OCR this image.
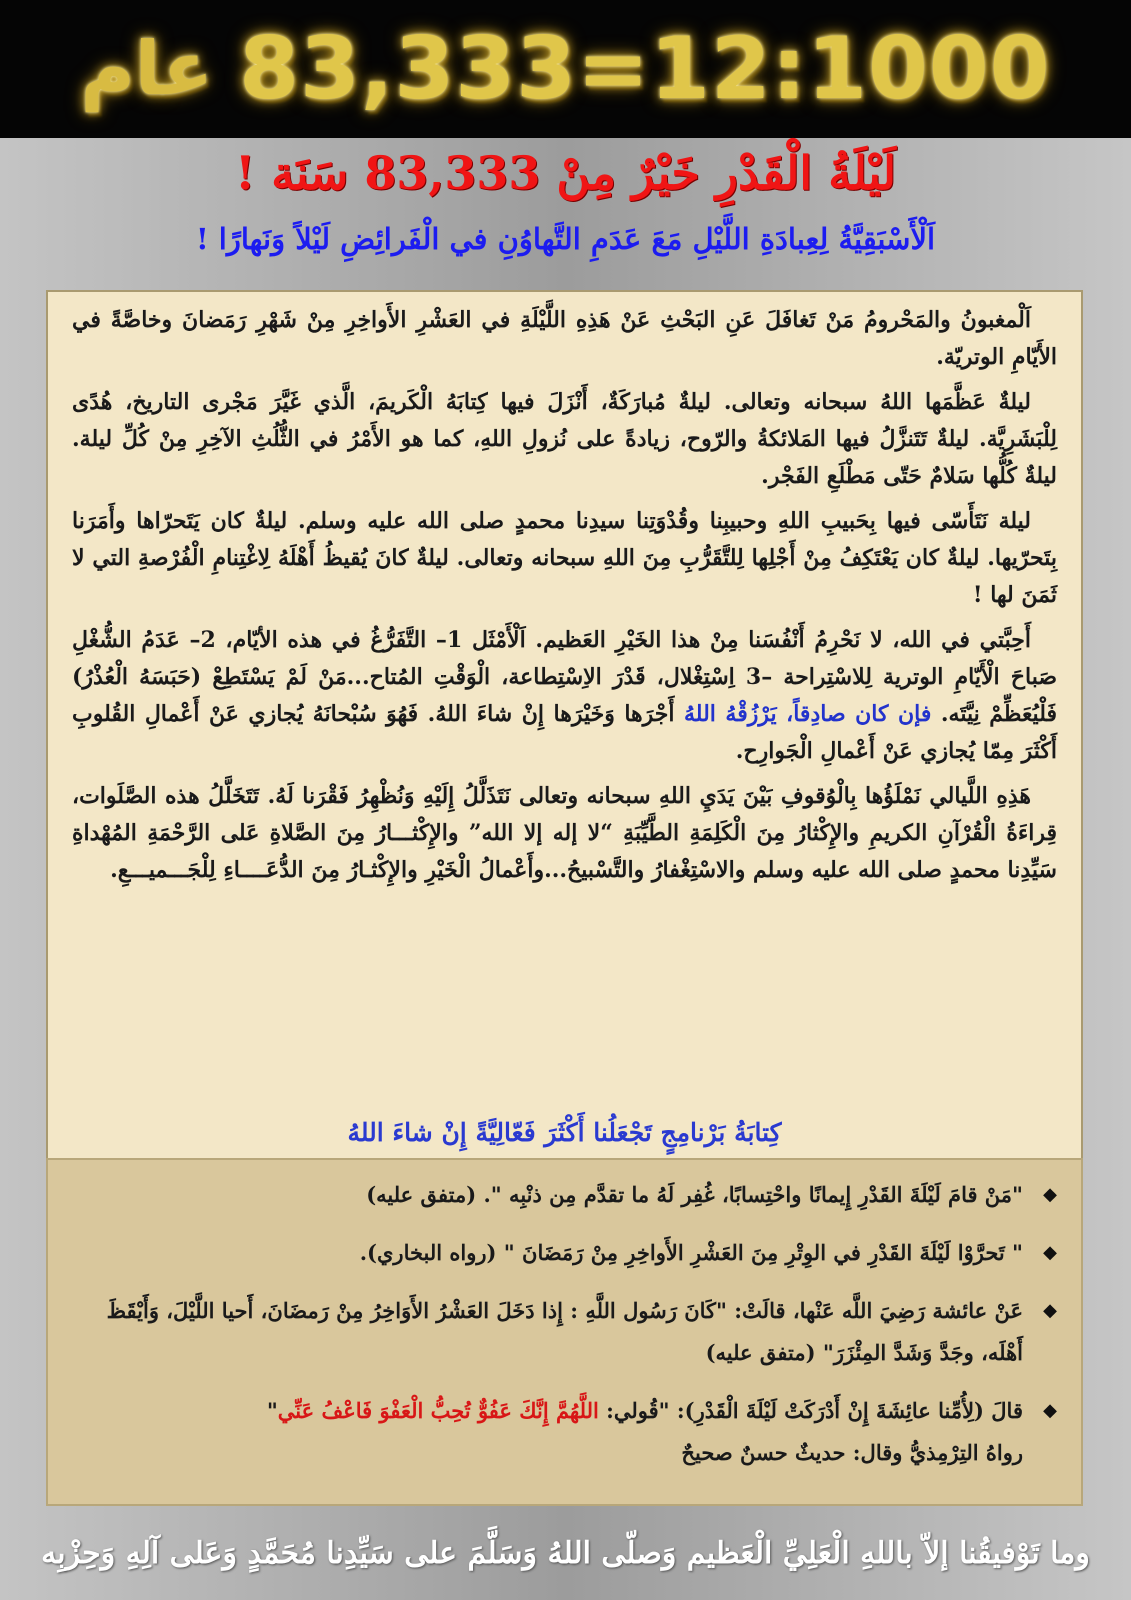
عام 83,333=12:1000
لَيْلَةُ الْقَدْرِ خَيْرٌ مِنْ 83,333 سَنَة !
اَلْأَسْبَقِيَّةُ لِعِبادَةِ اللَّيْلِ مَعَ عَدَمِ التَّهاوُنِ في الْفَرائِضِ لَيْلاً وَنَهارًا !

اَلْمغبونُ والمَحْرومُ مَنْ تَغافَلَ عَنِ البَحْثِ عَنْ هَذِهِ اللَّيْلَةِ في العَشْرِ الأَواخِرِ مِنْ شَهْرِ رَمَضانَ وخاصَّةً في الأَيّامِ الوتريّة.

ليلةٌ عَظَّمَها اللهُ سبحانه وتعالى. ليلةٌ مُبارَكَةٌ، أَنْزَلَ فيها كِتابَهُ الْكَريمَ، الَّذي غَيَّرَ مَجْرى التاريخ، هُدًى لِلْبَشَرِيَّة. ليلةٌ تَتَنزَّلُ فيها المَلائكةُ والرّوح، زيادةً على نُزولِ اللهِ، كما هو الأَمْرُ في الثُّلُثِ الآخِرِ مِنْ كُلِّ ليلة. ليلةٌ كُلُّها سَلامٌ حَتّى مَطْلَعِ الفَجْر.

ليلة نَتَأَسّى فيها بِحَبيبِ اللهِ وحبيبِنا وقُدْوَتِنا سيدِنا محمدٍ صلى الله عليه وسلم. ليلةٌ كان يَتَحرّاها وأَمَرَنا بِتَحرّيها. ليلةٌ كان يَعْتَكِفُ مِنْ أَجْلِها لِلتَّقَرُّبِ مِنَ اللهِ سبحانه وتعالى. ليلةٌ كانَ يُقيظُ أَهْلَهُ لِاغْتِنامِ الْفُرْصةِ التي لا ثَمَنَ لها !

أَحِبَّتي في الله، لا نَحْرِمُ أَنْفُسَنا مِنْ هذا الخَيْرِ العَظيم. اَلْأَمْثَل 1– التَّفَرُّغُ في هذه الأيّام، 2– عَدَمُ الشُّغْلِ صَباحَ الْأَيّامِ الوترية لِلاسْتِراحة –3 اِسْتِغْلال، قَدْرَ الاِسْتِطاعة، الْوَقْتِ المُتاح...مَنْ لَمْ يَسْتَطِعْ (حَبَسَهُ الْعُذْرُ) فَلْيُعَظِّمْ نِيَّتَه. فإن كان صادِقاً، يَرْزُقْهُ اللهُ أَجْرَها وَخَيْرَها إِنْ شاءَ اللهُ. فَهُوَ سُبْحانَهُ يُجازي عَنْ أَعْمالِ القُلوبِ أَكْثَرَ مِمّا يُجازي عَنْ أَعْمالِ الْجَوارِح.

هَذِهِ اللَّيالي نَمْلَؤُها بِالْوُقوفِ بَيْنَ يَدَيِ اللهِ سبحانه وتعالى نَتَذَلَّلُ إِلَيْهِ وَنُظْهِرُ فَقْرَنا لَهُ. تَتَخَلَّلُ هذه الصَّلَوات، قِراءَةُ الْقُرْآنِ الكريمِ والإِكْثارُ مِنَ الْكَلِمَةِ الطَّيِّبَةِ “لا إله إلا الله” والإِكْثـــارُ مِنَ الصَّلاةِ عَلى الرَّحْمَةِ المُهْداةِ سَيِّدِنا محمدٍ صلى الله عليه وسلم والاسْتِغْفارُ والتَّسْبيحُ...وأَعْمالُ الْخَيْرِ والإِكْثـارُ مِنَ الدُّعَــــاءِ لِلْجَـــميـــعِ.

كِتابَةُ بَرْنامِجٍ تَجْعَلُنا أَكْثَرَ فَعّالِيَّةً إِنْ شاءَ اللهُ
◆
"مَنْ قامَ لَيْلَةَ القَدْرِ إِيمانًا واحْتِسابًا، غُفِر لَهُ ما تقدَّم مِن ذنْبِه ". (متفق عليه)
◆
" تَحرَّوْا لَيْلَةَ القَدْرِ في الوِتْرِ مِنَ العَشْرِ الأَواخِرِ مِنْ رَمَضَانَ " (رواه البخاري).
◆
عَنْ عائشة رَضِيَ اللَّه عَنْها، قالَتْ: "كَانَ رَسُول اللَّهِ : إِذا دَخَلَ العَشْرُ الأَوَاخِرُ مِنْ رَمضَانَ، أَحيا اللَّيْلَ، وَأَيْقَظَ أَهْلَه، وجَدَّ وَشَدَّ المِئْزَرَ" (متفق عليه)
◆
قالَ (لِأُمِّنا عائِشَةَ إِنْ أَدْرَكَتْ لَيْلَةَ الْقَدْرِ): "قُولي: اللَّهُمَّ إِنَّكَ عَفُوٌّ تُحِبُّ الْعَفْوَ فَاعْفُ عَنِّي"
رواهُ التِرْمِذيُّ وقال: حديثٌ حسنٌ صحيحٌ
وما تَوْفيقُنا إلاّ باللهِ الْعَلِيِّ الْعَظيم وَصلّى اللهُ وَسَلَّمَ على سَيِّدِنا مُحَمَّدٍ وَعَلى آلِهِ وَحِزْبِه
